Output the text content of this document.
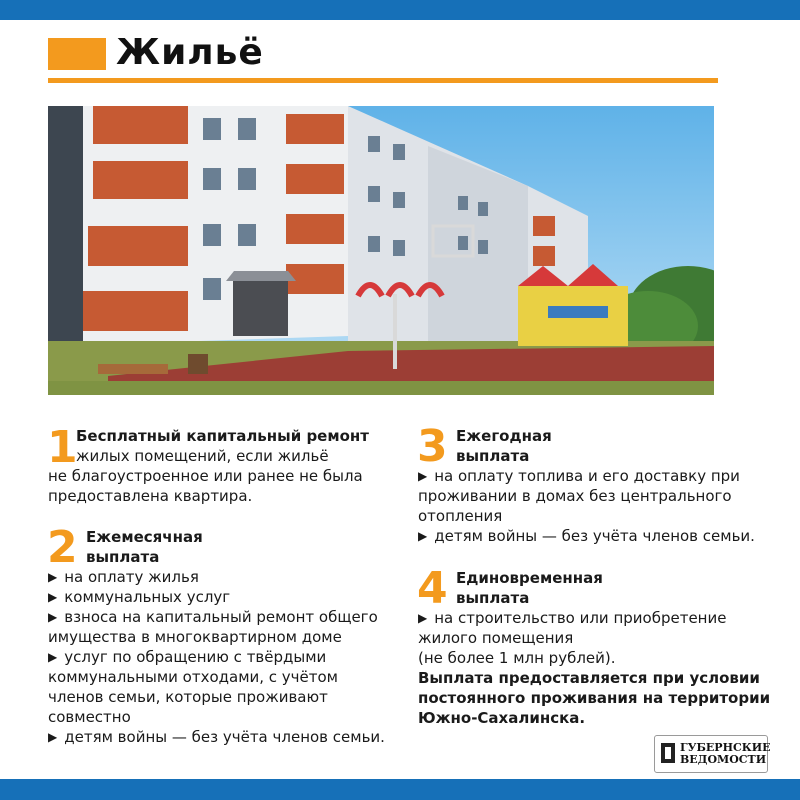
Жильё
1
Бесплатный капитальный ремонт
жилых помещений, если жильё
не благоустроенное или ранее не была
предоставлена квартира.
2 Ежемесячная
выплата
▶ на оплату жилья
▶ коммунальных услуг
▶ взноса на капитальный ремонт общего
имущества в многоквартирном доме
▶ услуг по обращению с твёрдыми
коммунальными отходами, с учётом
членов семьи, которые проживают
совместно
▶ детям войны — без учёта членов семьи.
3 Ежегодная
выплата
▶ на оплату топлива и его доставку при
проживании в домах без центрального
отопления
▶ детям войны — без учёта членов семьи.
4 Единовременная
выплата
▶ на строительство или приобретение
жилого помещения
(не более 1 млн рублей).
Выплата предоставляется при условии
постоянного проживания на территории
Южно-Сахалинска.
ГУБЕРНСКИЕ
ВЕДОМОСТИ
